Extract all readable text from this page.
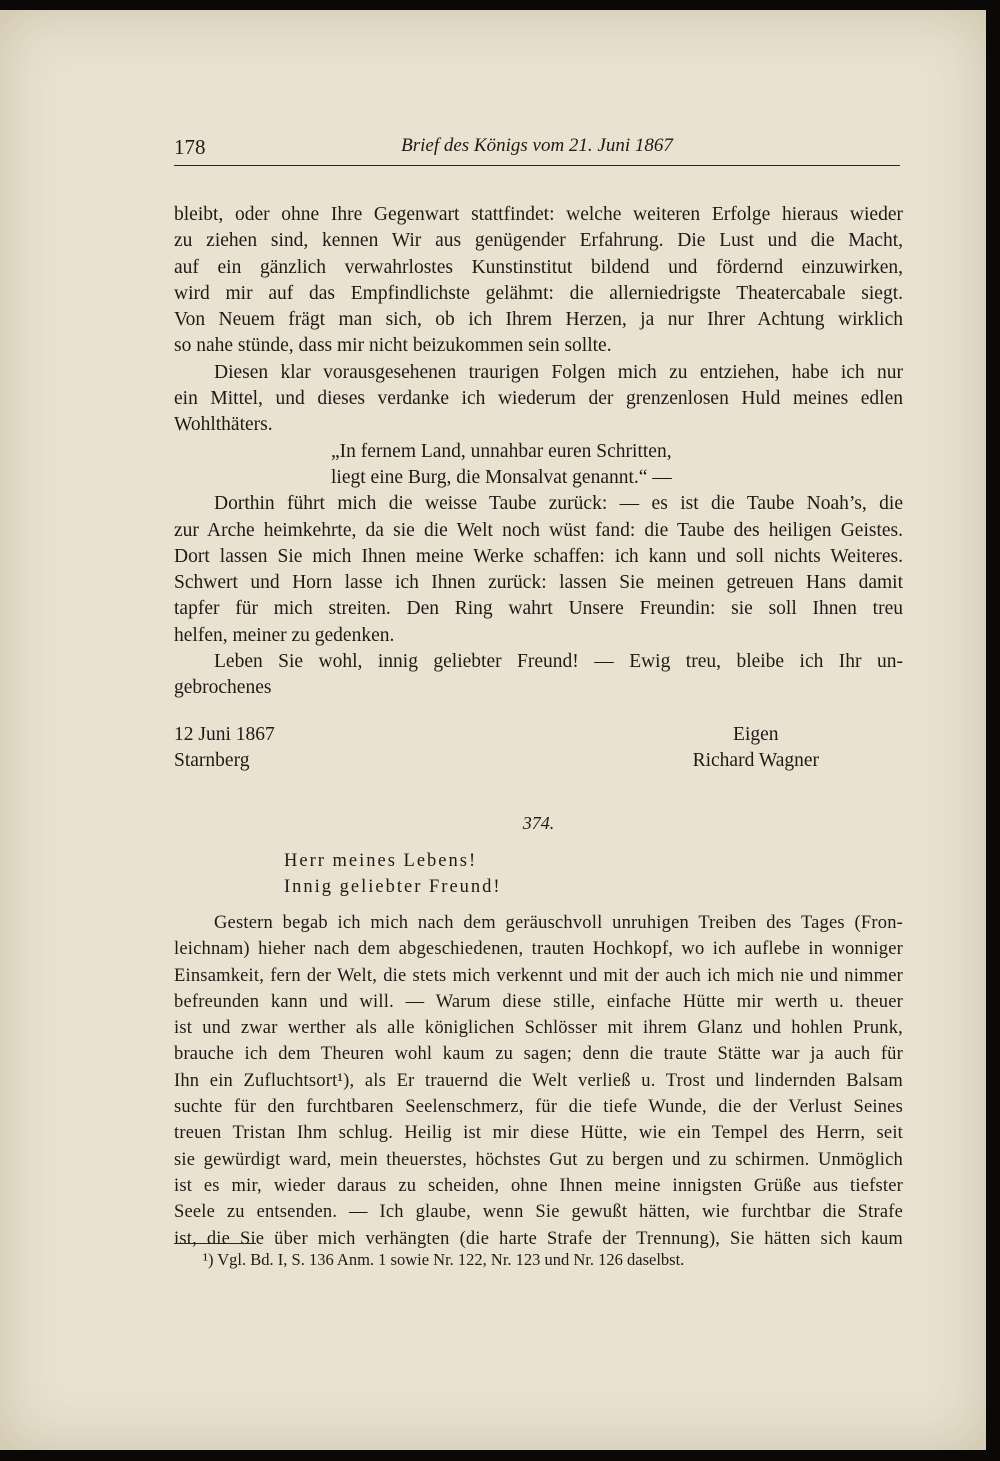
178	Brief des Königs vom 21. Juni 1867

bleibt, oder ohne Ihre Gegenwart stattfindet: welche weiteren Erfolge hieraus wieder

zu ziehen sind, kennen Wir aus genügender Erfahrung. Die Lust und die Macht,

auf ein gänzlich verwahrlostes Kunstinstitut bildend und fördernd einzuwirken,

wird mir auf das Empfindlichste gelähmt: die allerniedrigste Theatercabale siegt.

Von Neuem frägt man sich, ob ich Ihrem Herzen, ja nur Ihrer Achtung wirklich

so nahe stünde, dass mir nicht beizukommen sein sollte.

Diesen klar vorausgesehenen traurigen Folgen mich zu entziehen, habe ich nur

ein Mittel, und dieses verdanke ich wiederum der grenzenlosen Huld meines edlen

Wohlthäters.

„In fernem Land, unnahbar euren Schritten,

liegt eine Burg, die Monsalvat genannt.“ —

Dorthin führt mich die weisse Taube zurück: — es ist die Taube Noah’s, die

zur Arche heimkehrte, da sie die Welt noch wüst fand: die Taube des heiligen Geistes.

Dort lassen Sie mich Ihnen meine Werke schaffen: ich kann und soll nichts Weiteres.

Schwert und Horn lasse ich Ihnen zurück: lassen Sie meinen getreuen Hans damit

tapfer für mich streiten. Den Ring wahrt Unsere Freundin: sie soll Ihnen treu

helfen, meiner zu gedenken.

Leben Sie wohl, innig geliebter Freund! — Ewig treu, bleibe ich Ihr un-

gebrochenes

12 Juni 1867
Starnberg
Eigen
Richard Wagner
374.
Herr meines Lebens!
Innig geliebter Freund!

Gestern begab ich mich nach dem geräuschvoll unruhigen Treiben des Tages (Fron-

leichnam) hieher nach dem abgeschiedenen, trauten Hochkopf, wo ich auflebe in wonniger

Einsamkeit, fern der Welt, die stets mich verkennt und mit der auch ich mich nie und nimmer

befreunden kann und will. — Warum diese stille, einfache Hütte mir werth u. theuer

ist und zwar werther als alle königlichen Schlösser mit ihrem Glanz und hohlen Prunk,

brauche ich dem Theuren wohl kaum zu sagen; denn die traute Stätte war ja auch für

Ihn ein Zufluchtsort¹), als Er trauernd die Welt verließ u. Trost und lindernden Balsam

suchte für den furchtbaren Seelenschmerz, für die tiefe Wunde, die der Verlust Seines

treuen Tristan Ihm schlug. Heilig ist mir diese Hütte, wie ein Tempel des Herrn, seit

sie gewürdigt ward, mein theuerstes, höchstes Gut zu bergen und zu schirmen. Unmöglich

ist es mir, wieder daraus zu scheiden, ohne Ihnen meine innigsten Grüße aus tiefster

Seele zu entsenden. — Ich glaube, wenn Sie gewußt hätten, wie furchtbar die Strafe

ist, die Sie über mich verhängten (die harte Strafe der Trennung), Sie hätten sich kaum

¹) Vgl. Bd. I, S. 136 Anm. 1 sowie Nr. 122, Nr. 123 und Nr. 126 daselbst.
